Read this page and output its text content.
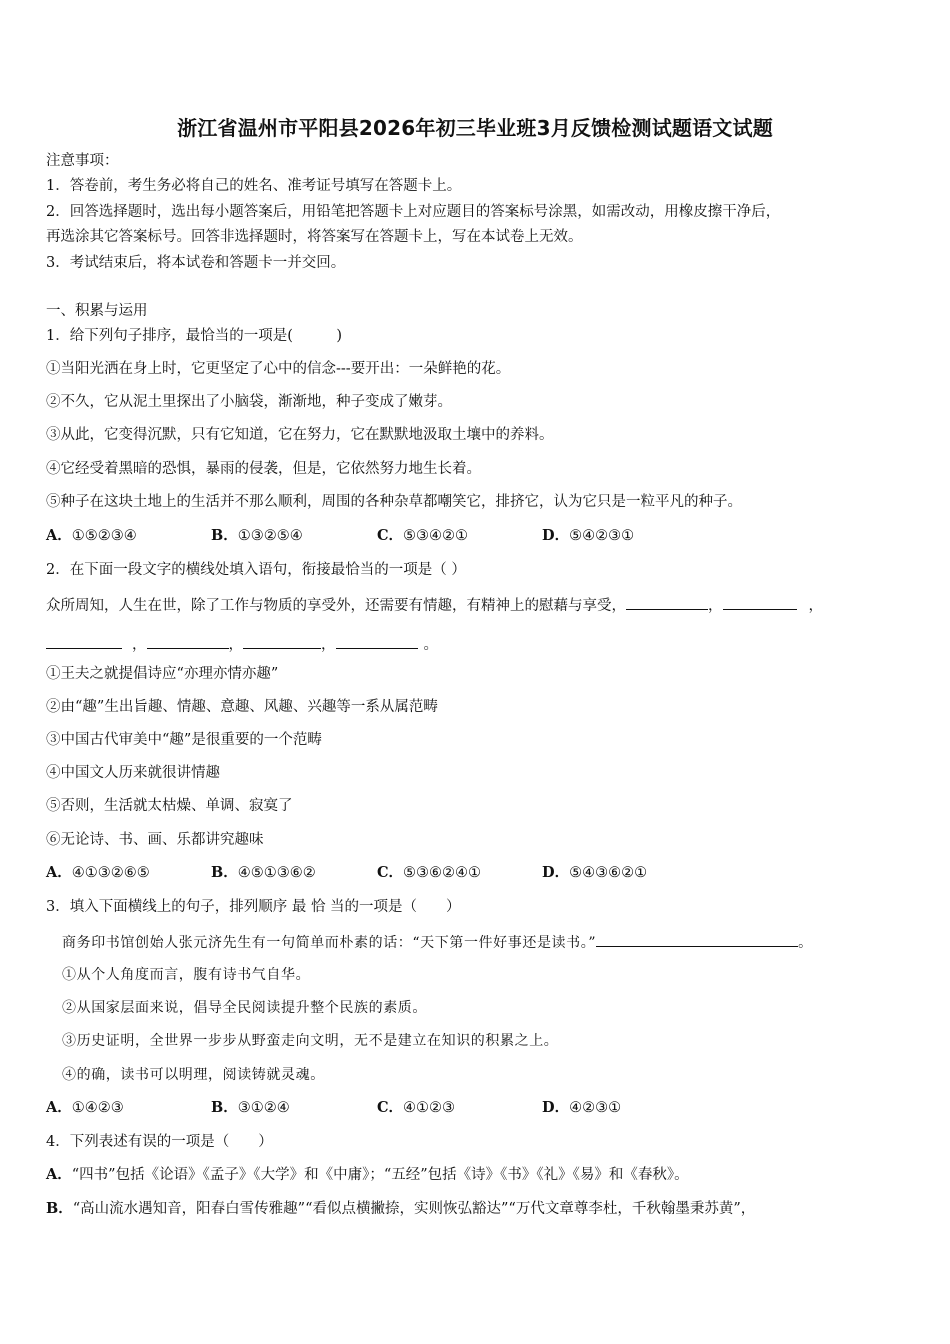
浙江省温州市平阳县2026年初三毕业班3月反馈检测试题语文试题
注意事项：
1．答卷前，考生务必将自己的姓名、准考证号填写在答题卡上。
2．回答选择题时，选出每小题答案后，用铅笔把答题卡上对应题目的答案标号涂黑，如需改动，用橡皮擦干净后，
再选涂其它答案标号。回答非选择题时，将答案写在答题卡上，写在本试卷上无效。
3．考试结束后，将本试卷和答题卡一并交回。
一、积累与运用
1．给下列句子排序，最恰当的一项是(　　　)
①当阳光洒在身上时，它更坚定了心中的信念---要开出：一朵鲜艳的花。
②不久，它从泥土里探出了小脑袋，渐渐地，种子变成了嫩芽。
③从此，它变得沉默，只有它知道，它在努力，它在默默地汲取土壤中的养料。
④它经受着黑暗的恐惧，暴雨的侵袭，但是，它依然努力地生长着。
⑤种子在这块土地上的生活并不那么顺利，周围的各种杂草都嘲笑它，排挤它，认为它只是一粒平凡的种子。
A．①⑤②③④	B．①③②⑤④	C．⑤③④②①	D．⑤④②③①
2．在下面一段文字的横线处填入语句，衔接最恰当的一项是（ ）
众所周知，人生在世，除了工作与物质的享受外，还需要有情趣，有精神上的慰藉与享受，	，	，
，	，	，	。
①王夫之就提倡诗应“亦理亦情亦趣”
②由“趣”生出旨趣、情趣、意趣、风趣、兴趣等一系从属范畴
③中国古代审美中“趣”是很重要的一个范畴
④中国文人历来就很讲情趣
⑤否则，生活就太枯燥、单调、寂寞了
⑥无论诗、书、画、乐都讲究趣味
A．④①③②⑥⑤	B．④⑤①③⑥②	C．⑤③⑥②④①	D．⑤④③⑥②①
3．填入下面横线上的句子，排列顺序 最 恰 当的一项是（　　）
商务印书馆创始人张元济先生有一句简单而朴素的话：“天下第一件好事还是读书。”	。
①从个人角度而言，腹有诗书气自华。
②从国家层面来说，倡导全民阅读提升整个民族的素质。
③历史证明，全世界一步步从野蛮走向文明，无不是建立在知识的积累之上。
④的确，读书可以明理，阅读铸就灵魂。
A．①④②③	B．③①②④	C．④①②③	D．④②③①
4．下列表述有误的一项是（　　）
A．“四书”包括《论语》《孟子》《大学》和《中庸》；“五经”包括《诗》《书》《礼》《易》和《春秋》。
B．“高山流水遇知音，阳春白雪传雅趣”“看似点横撇捺，实则恢弘豁达”“万代文章尊李杜，千秋翰墨秉苏黄”，
